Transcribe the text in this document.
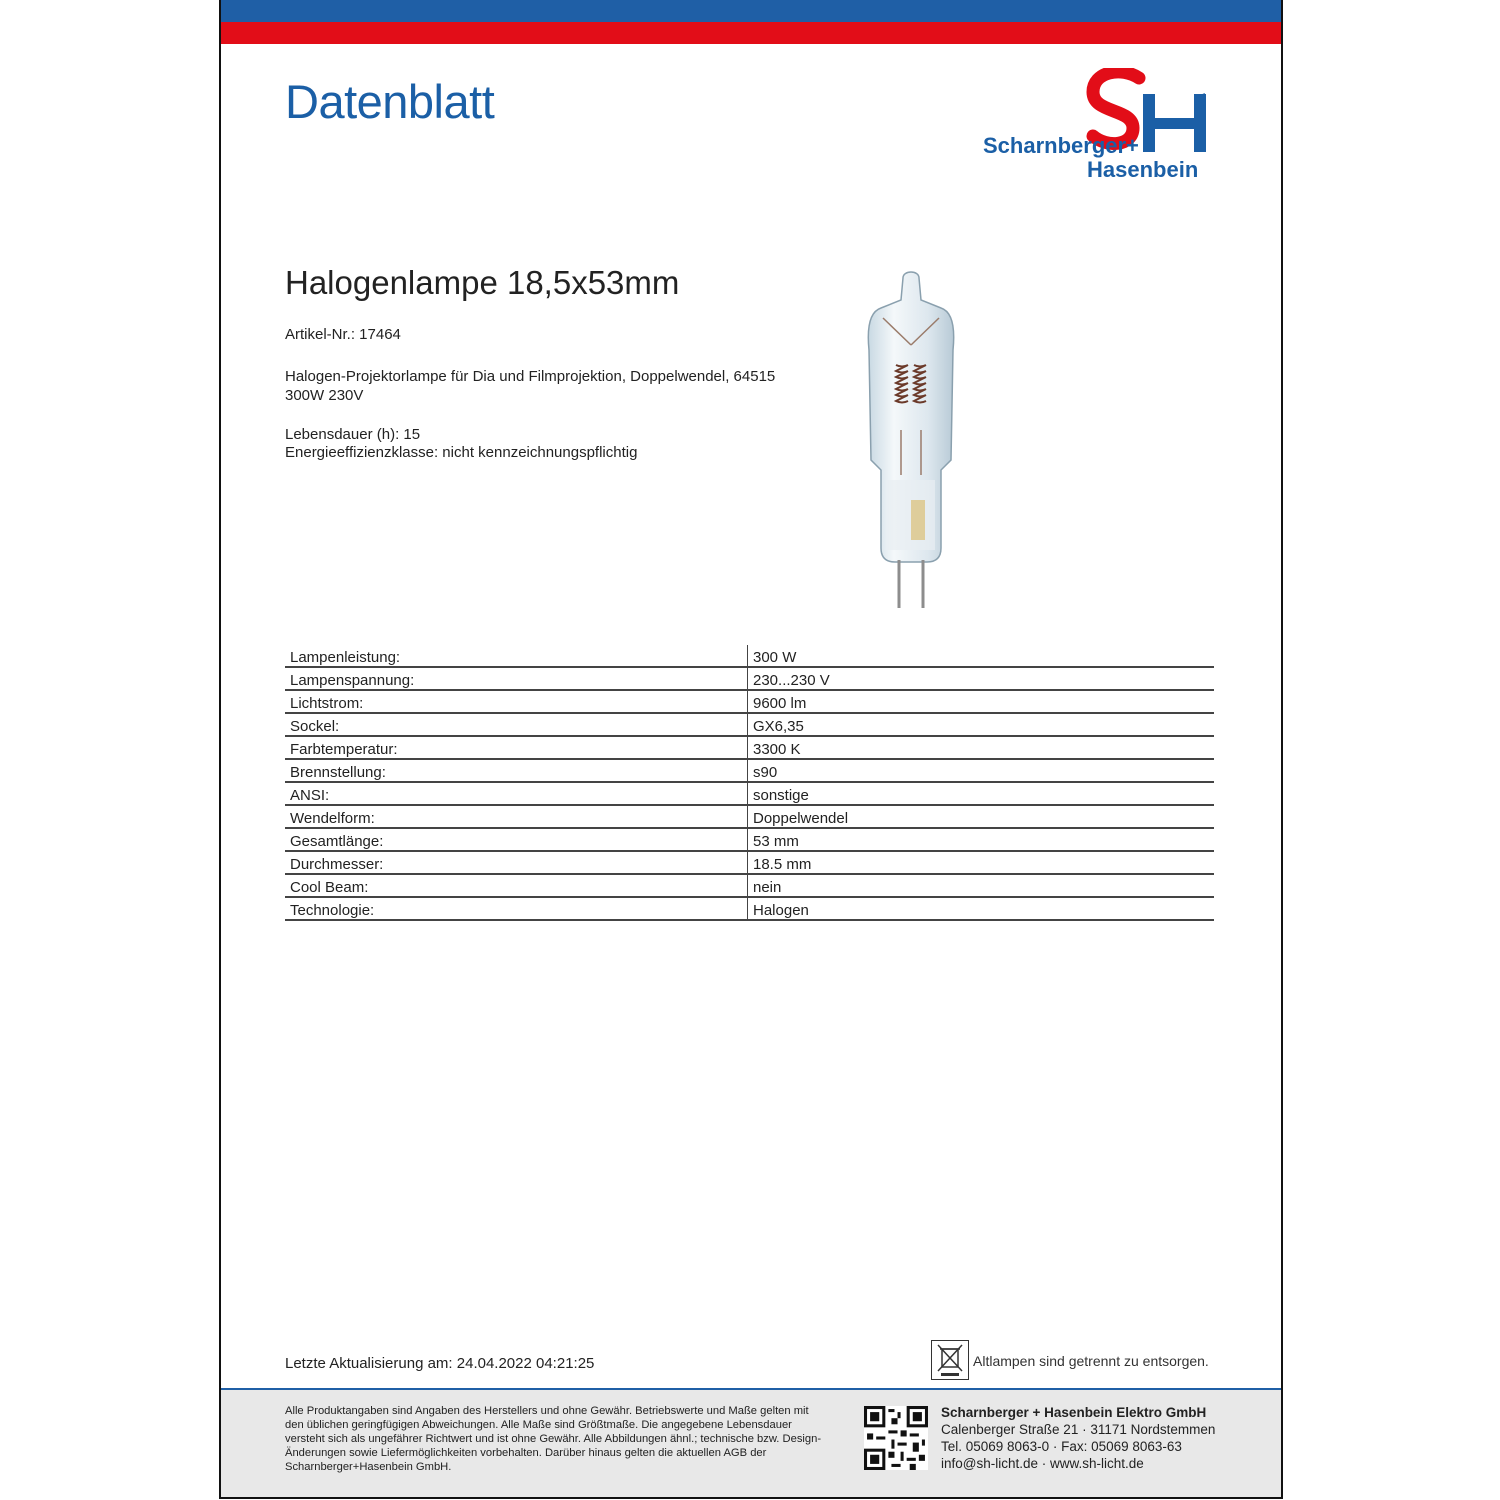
Datenblatt
Scharnberger+
Hasenbein
Halogenlampe 18,5x53mm
Artikel-Nr.: 17464
Halogen-Projektorlampe für Dia und Filmprojektion, Doppelwendel, 64515 300W 230V
Lebensdauer (h): 15
Energieeffizienzklasse: nicht kennzeichnungspflichtig
Lampenleistung:	300 W
Lampenspannung:	230...230 V
Lichtstrom:	9600 lm
Sockel:	GX6,35
Farbtemperatur:	3300 K
Brennstellung:	s90
ANSI:	sonstige
Wendelform:	Doppelwendel
Gesamtlänge:	53 mm
Durchmesser:	18.5 mm
Cool Beam:	nein
Technologie:	Halogen
Letzte Aktualisierung am: 24.04.2022 04:21:25	Altlampen sind getrennt zu entsorgen.
Alle Produktangaben sind Angaben des Herstellers und ohne Gewähr. Betriebswerte und Maße gelten mit den üblichen geringfügigen Abweichungen. Alle Maße sind Größtmaße. Die angegebene Lebensdauer versteht sich als ungefährer Richtwert und ist ohne Gewähr. Alle Abbildungen ähnl.; technische bzw. Design-Änderungen sowie Liefermöglichkeiten vorbehalten. Darüber hinaus gelten die aktuellen AGB der Scharnberger+Hasenbein GmbH.
Scharnberger + Hasenbein Elektro GmbH
Calenberger Straße 21 · 31171 Nordstemmen
Tel. 05069 8063-0 · Fax: 05069 8063-63
info@sh-licht.de · www.sh-licht.de
